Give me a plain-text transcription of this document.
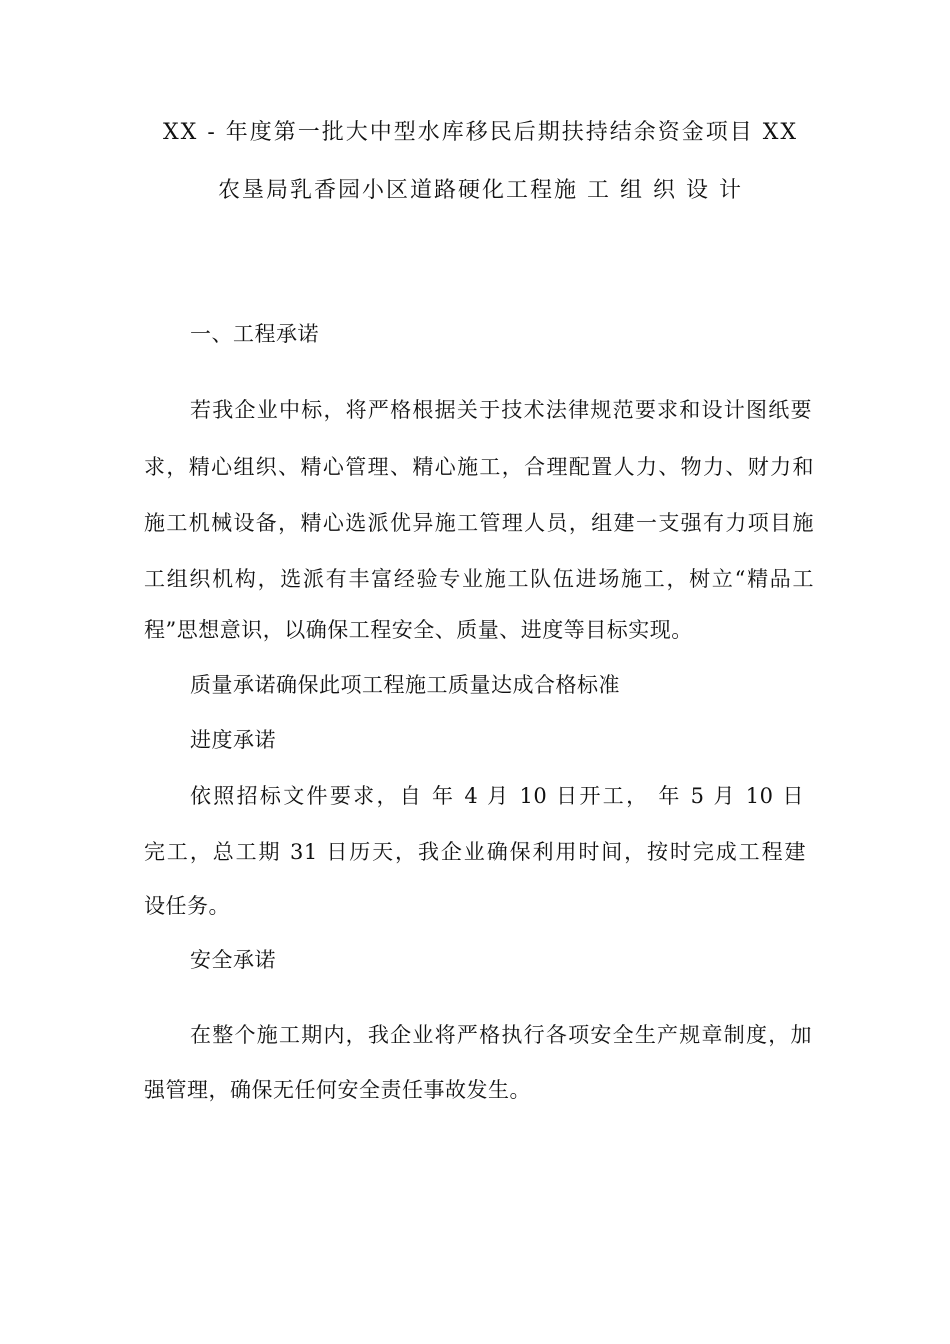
XX - 年度第一批大中型水库移民后期扶持结余资金项目 XX

农垦局乳香园小区道路硬化工程施 工 组 织 设 计

一、工程承诺

若我企业中标，将严格根据关于技术法律规范要求和设计图纸要

求，精心组织、精心管理、精心施工，合理配置人力、物力、财力和

施工机械设备，精心选派优异施工管理人员，组建一支强有力项目施

工组织机构，选派有丰富经验专业施工队伍进场施工，树立“精品工

程”思想意识，以确保工程安全、质量、进度等目标实现。

质量承诺确保此项工程施工质量达成合格标准

进度承诺

依照招标文件要求，自 年 4 月 10 日开工， 年 5 月 10 日

完工，总工期 31 日历天，我企业确保利用时间，按时完成工程建

设任务。

安全承诺

在整个施工期内，我企业将严格执行各项安全生产规章制度，加

强管理，确保无任何安全责任事故发生。
